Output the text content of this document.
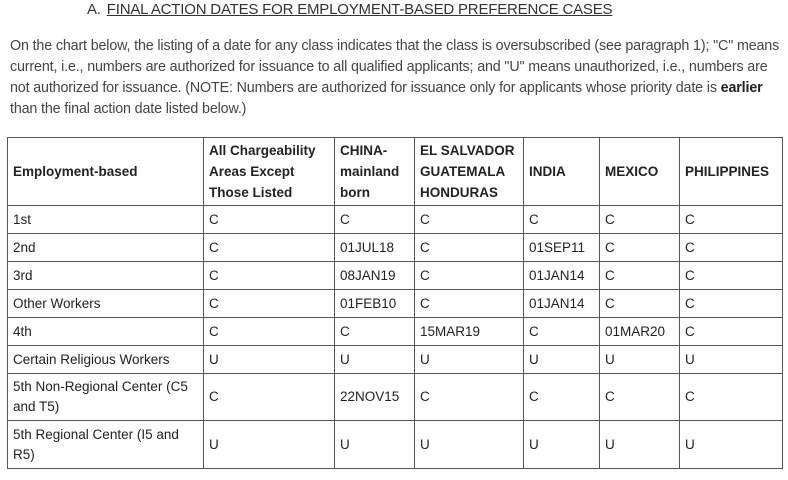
A. FINAL ACTION DATES FOR EMPLOYMENT-BASED PREFERENCE CASES
On the chart below, the listing of a date for any class indicates that the class is oversubscribed (see paragraph 1); "C" means current, i.e., numbers are authorized for issuance to all qualified applicants; and "U" means unauthorized, i.e., numbers are not authorized for issuance. (NOTE: Numbers are authorized for issuance only for applicants whose priority date is earlier than the final action date listed below.)
Employment-based	All Chargeability Areas Except Those Listed	CHINA-mainland born	EL SALVADOR GUATEMALA HONDURAS	INDIA	MEXICO	PHILIPPINES
1st	C	C	C	C	C	C
2nd	C	01JUL18	C	01SEP11	C	C
3rd	C	08JAN19	C	01JAN14	C	C
Other Workers	C	01FEB10	C	01JAN14	C	C
4th	C	C	15MAR19	C	01MAR20	C
Certain Religious Workers	U	U	U	U	U	U
5th Non-Regional Center (C5 and T5)	C	22NOV15	C	C	C	C
5th Regional Center (I5 and R5)	U	U	U	U	U	U
